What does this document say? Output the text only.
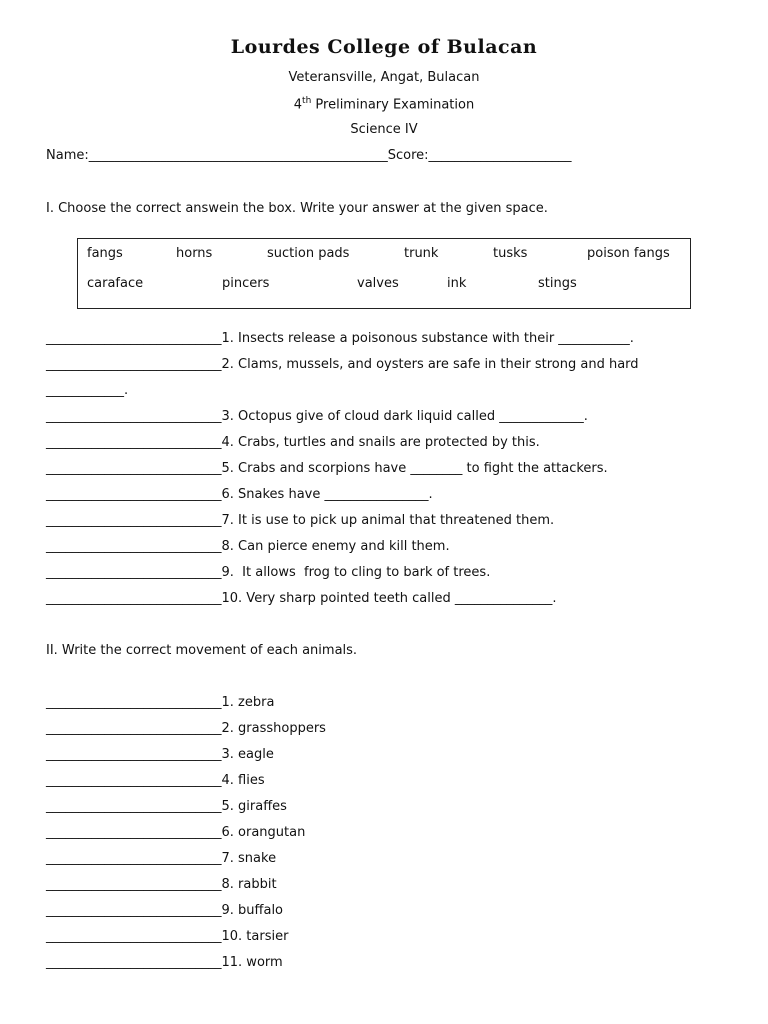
Lourdes College of Bulacan
Veteransville, Angat, Bulacan
4th Preliminary Examination
Science IV
Name:______________________________________________Score:______________________
I. Choose the correct answein the box. Write your answer at the given space.
fangs	horns	suction pads	trunk	tusks	poison fangs
caraface	pincers	valves	ink	stings
___________________________1. Insects release a poisonous substance with their ___________.
___________________________2. Clams, mussels, and oysters are safe in their strong and hard
____________.
___________________________3. Octopus give of cloud dark liquid called _____________.
___________________________4. Crabs, turtles and snails are protected by this.
___________________________5. Crabs and scorpions have ________ to fight the attackers.
___________________________6. Snakes have ________________.
___________________________7. It is use to pick up animal that threatened them.
___________________________8. Can pierce enemy and kill them.
___________________________9.  It allows  frog to cling to bark of trees.
___________________________10. Very sharp pointed teeth called _______________.
II. Write the correct movement of each animals.
___________________________1. zebra
___________________________2. grasshoppers
___________________________3. eagle
___________________________4. flies
___________________________5. giraffes
___________________________6. orangutan
___________________________7. snake
___________________________8. rabbit
___________________________9. buffalo
___________________________10. tarsier
___________________________11. worm
